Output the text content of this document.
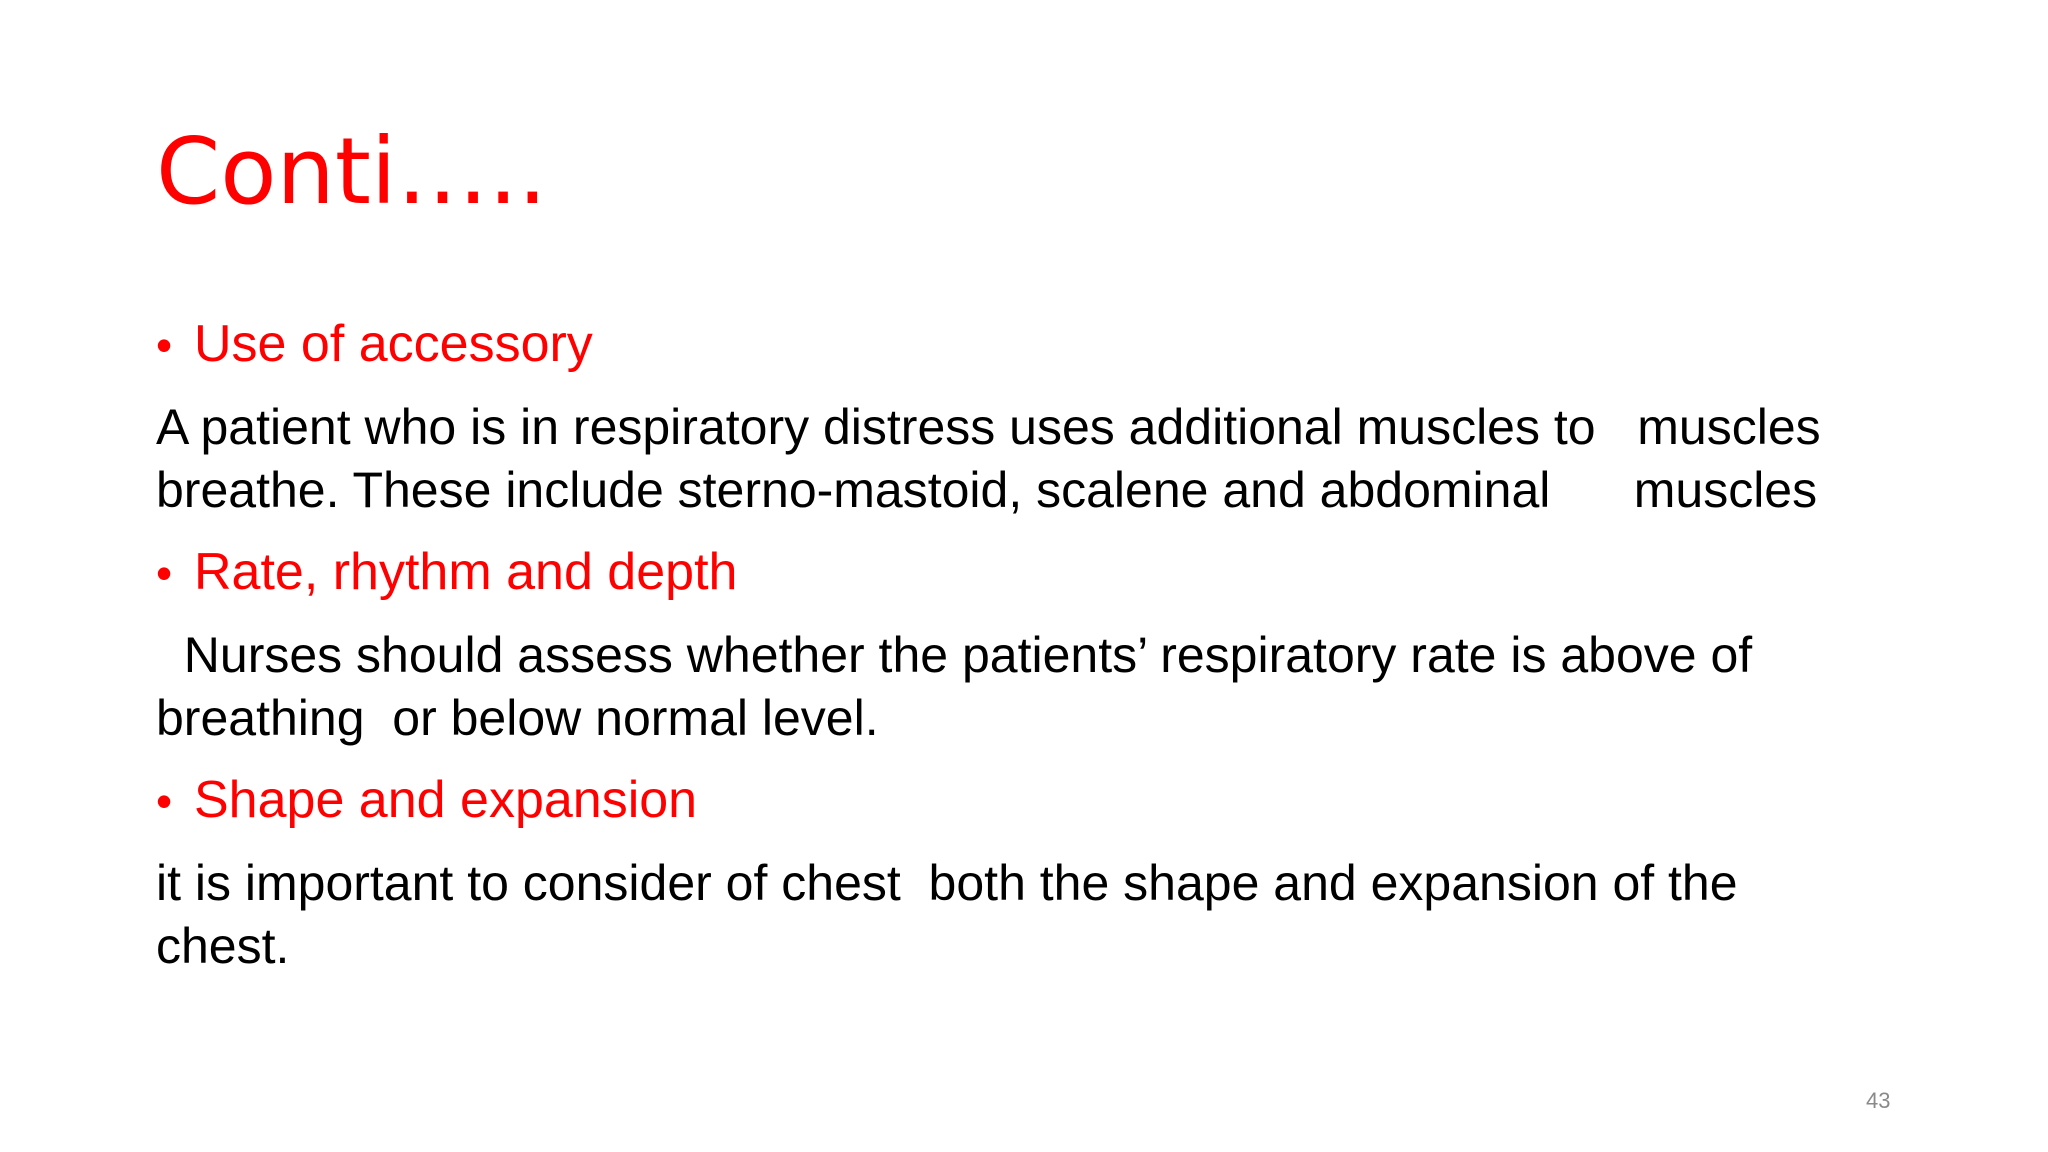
Conti…..
• Use of accessory

A patient who is in respiratory distress uses additional muscles to   muscles

breathe. These include sterno-mastoid, scalene and abdominal      muscles

• Rate, rhythm and depth

Nurses should assess whether the patients’ respiratory rate is above of

breathing  or below normal level.

• Shape and expansion

it is important to consider of chest  both the shape and expansion of the

chest.

43
